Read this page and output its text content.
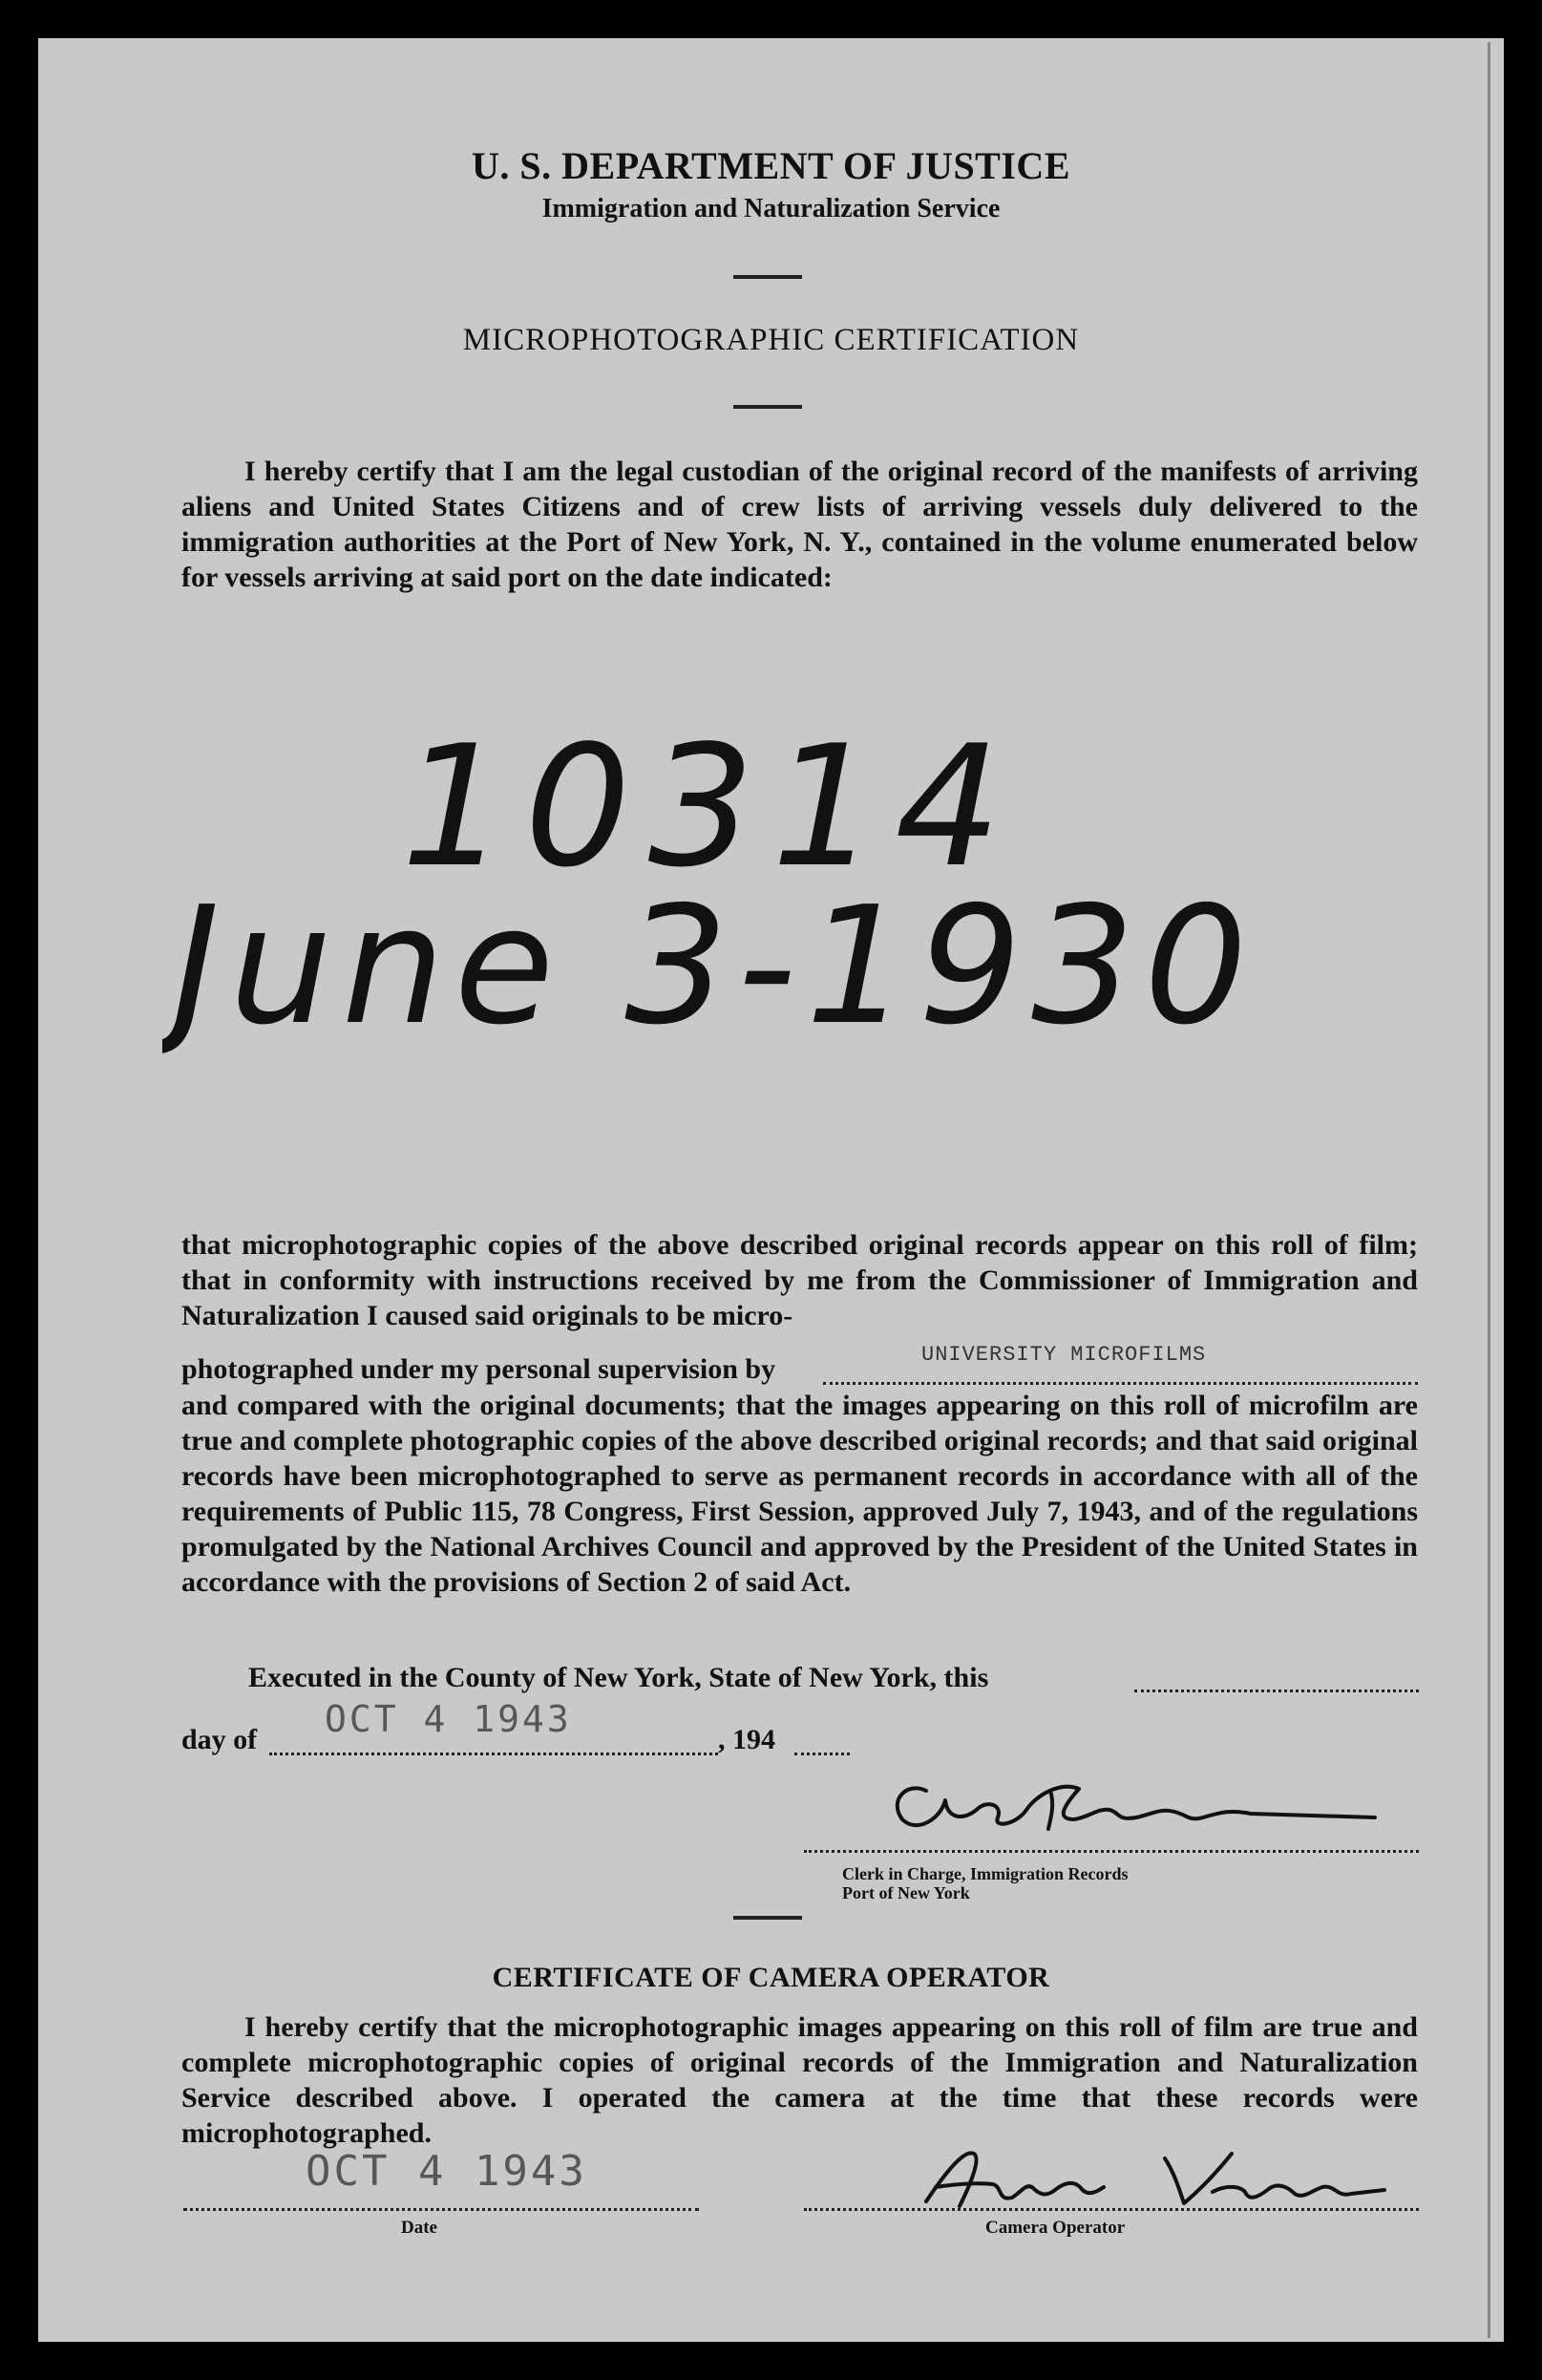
U. S. DEPARTMENT OF JUSTICE
Immigration and Naturalization Service
MICROPHOTOGRAPHIC CERTIFICATION
I hereby certify that I am the legal custodian of the original record of the manifests of arriving aliens and United States Citizens and of crew lists of arriving vessels duly delivered to the immigration authorities at the Port of New York, N. Y., contained in the volume enumerated below for vessels arriving at said port on the date indicated:
10314
June 3-1930
that microphotographic copies of the above described original records appear on this roll of film; that in conformity with instructions received by me from the Commissioner of Immigration and Naturalization I caused said originals to be micro-
photographed under my personal supervision by	UNIVERSITY MICROFILMS
and compared with the original documents; that the images appearing on this roll of microfilm are true and complete photographic copies of the above described original records; and that said original records have been microphotographed to serve as permanent records in accordance with all of the requirements of Public 115, 78 Congress, First Session, approved July 7, 1943, and of the regulations promulgated by the National Archives Council and approved by the President of the United States in accordance with the provisions of Section 2 of said Act.
Executed in the County of New York, State of New York, this
day of OCT 4 1943	, 194
Clerk in Charge, Immigration Records
Port of New York
CERTIFICATE OF CAMERA OPERATOR
I hereby certify that the microphotographic images appearing on this roll of film are true and complete microphotographic copies of original records of the Immigration and Naturalization Service described above. I operated the camera at the time that these records were microphotographed.
OCT 4 1943
Date	Camera Operator
